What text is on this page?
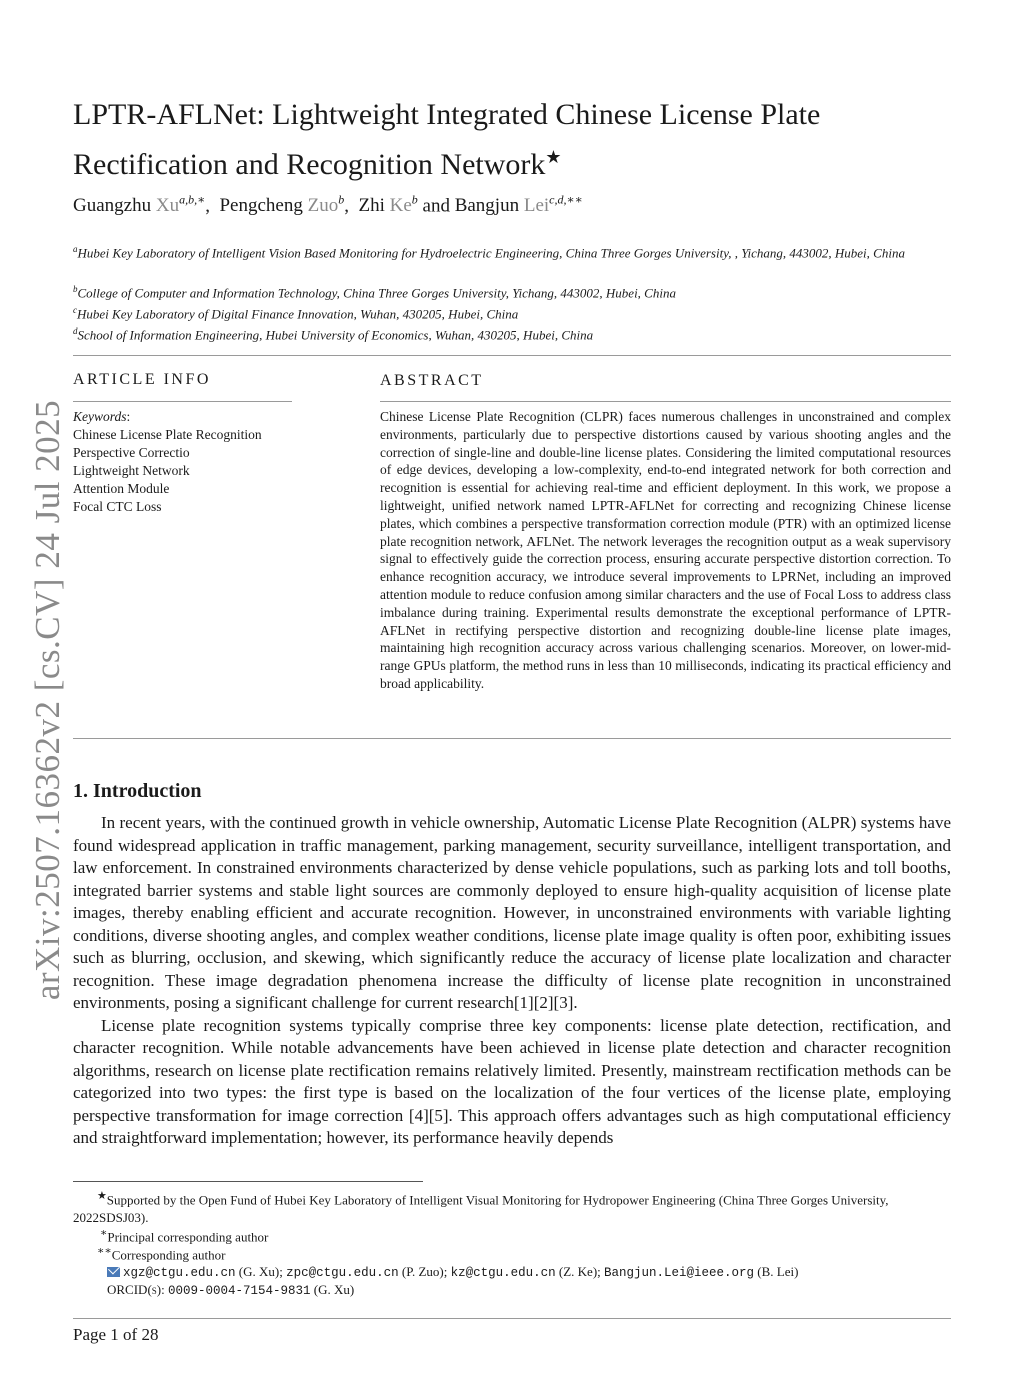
arXiv:2507.16362v2 [cs.CV] 24 Jul 2025
LPTR-AFLNet: Lightweight Integrated Chinese License Plate
Rectification and Recognition Network★
Guangzhu $Xu^{a,b,∗}$,  Pengcheng Zuo$^b$,  Zhi Ke$^b$ and Bangjun Lei$^{c,d,∗∗}$
$^a$Hubei Key Laboratory of Intelligent Vision Based Monitoring for Hydroelectric Engineering, China Three Gorges University, , Yichang, 443002, Hubei, China
$^b$College of Computer and Information Technology, China Three Gorges University, Yichang, 443002, Hubei, China
$^c$Hubei Key Laboratory of Digital Finance Innovation, Wuhan, 430205, Hubei, China
$^d$School of Information Engineering, Hubei University of Economics, Wuhan, 430205, Hubei, China
ARTICLE INFO
Keywords:
Chinese License Plate Recognition
Perspective Correctio
Lightweight Network
Attention Module
Focal CTC Loss
ABSTRACT
Chinese License Plate Recognition (CLPR) faces numerous challenges in unconstrained and complex environments, particularly due to perspective distortions caused by various shooting angles and the correction of single-line and double-line license plates. Considering the limited computational resources of edge devices, developing a low-complexity, end-to-end integrated network for both correction and recognition is essential for achieving real-time and efficient deployment. In this work, we propose a lightweight, unified network named LPTR-AFLNet for correcting and recognizing Chinese license plates, which combines a perspective transformation correction module (PTR) with an optimized license plate recognition network, AFLNet. The network leverages the recognition output as a weak supervisory signal to effectively guide the correction process, ensuring accurate perspective distortion correction. To enhance recognition accuracy, we introduce several improvements to LPRNet, including an improved attention module to reduce confusion among similar characters and the use of Focal Loss to address class imbalance during training. Experimental results demonstrate the exceptional performance of LPTR-AFLNet in rectifying perspective distortion and recognizing double-line license plate images, maintaining high recognition accuracy across various challenging scenarios. Moreover, on lower-mid-range GPUs platform, the method runs in less than 10 milliseconds, indicating its practical efficiency and broad applicability.
1. Introduction

In recent years, with the continued growth in vehicle ownership, Automatic License Plate Recognition (ALPR) systems have found widespread application in traffic management, parking management, security surveillance, intelligent transportation, and law enforcement. In constrained environments characterized by dense vehicle populations, such as parking lots and toll booths, integrated barrier systems and stable light sources are commonly deployed to ensure high-quality acquisition of license plate images, thereby enabling efficient and accurate recognition. However, in unconstrained environments with variable lighting conditions, diverse shooting angles, and complex weather conditions, license plate image quality is often poor, exhibiting issues such as blurring, occlusion, and skewing, which significantly reduce the accuracy of license plate localization and character recognition. These image degradation phenomena increase the difficulty of license plate recognition in unconstrained environments, posing a significant challenge for current research[1][2][3].

License plate recognition systems typically comprise three key components: license plate detection, rectification, and character recognition. While notable advancements have been achieved in license plate detection and character recognition algorithms, research on license plate rectification remains relatively limited. Presently, mainstream rectification methods can be categorized into two types: the first type is based on the localization of the four vertices of the license plate, employing perspective transformation for image correction [4][5]. This approach offers advantages such as high computational efficiency and straightforward implementation; however, its performance heavily depends

★Supported by the Open Fund of Hubei Key Laboratory of Intelligent Visual Monitoring for Hydropower Engineering (China Three Gorges University, 2022SDSJ03).
∗Principal corresponding author
∗∗Corresponding author
xgz@ctgu.edu.cn (G. Xu); zpc@ctgu.edu.cn (P. Zuo); kz@ctgu.edu.cn (Z. Ke); Bangjun.Lei@ieee.org (B. Lei)
ORCID(s): 0009-0004-7154-9831 (G. Xu)
Page 1 of 28
